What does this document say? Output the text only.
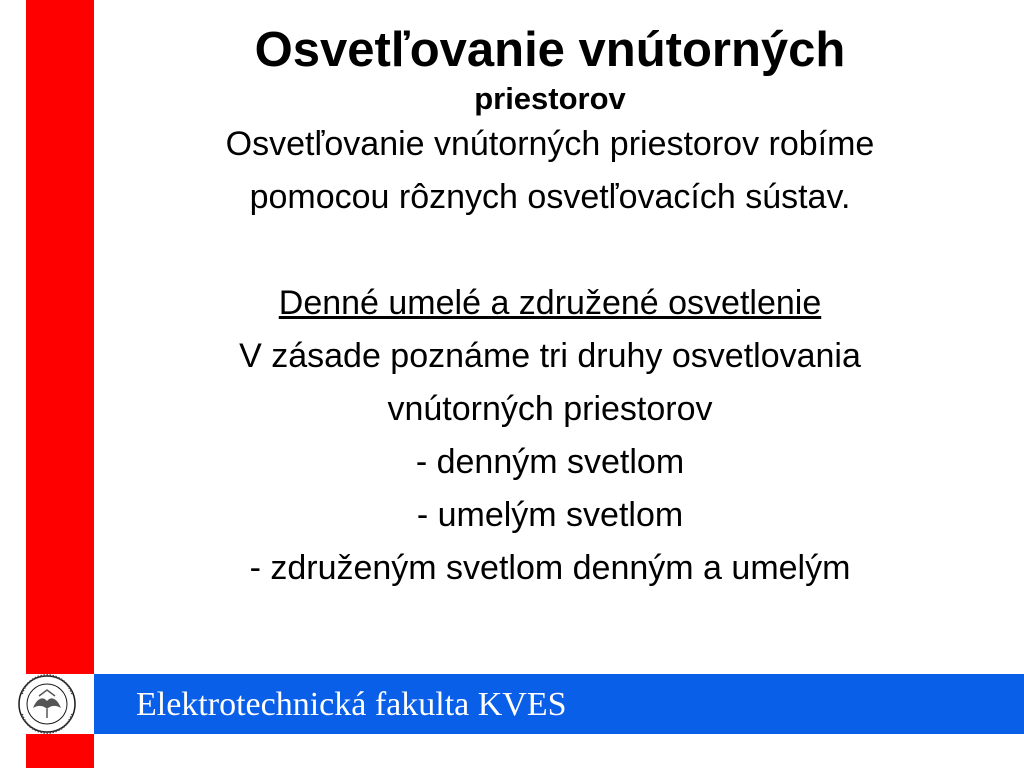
Elektrotechnická fakulta KVES

Osvetľovanie vnútorných

priestorov

Osvetľovanie vnútorných priestorov robíme

pomocou rôznych osvetľovacích sústav.

Denné umelé a združené osvetlenie

V zásade poznáme tri druhy osvetlovania

vnútorných priestorov

- denným svetlom

- umelým svetlom

- združeným svetlom denným a umelým
